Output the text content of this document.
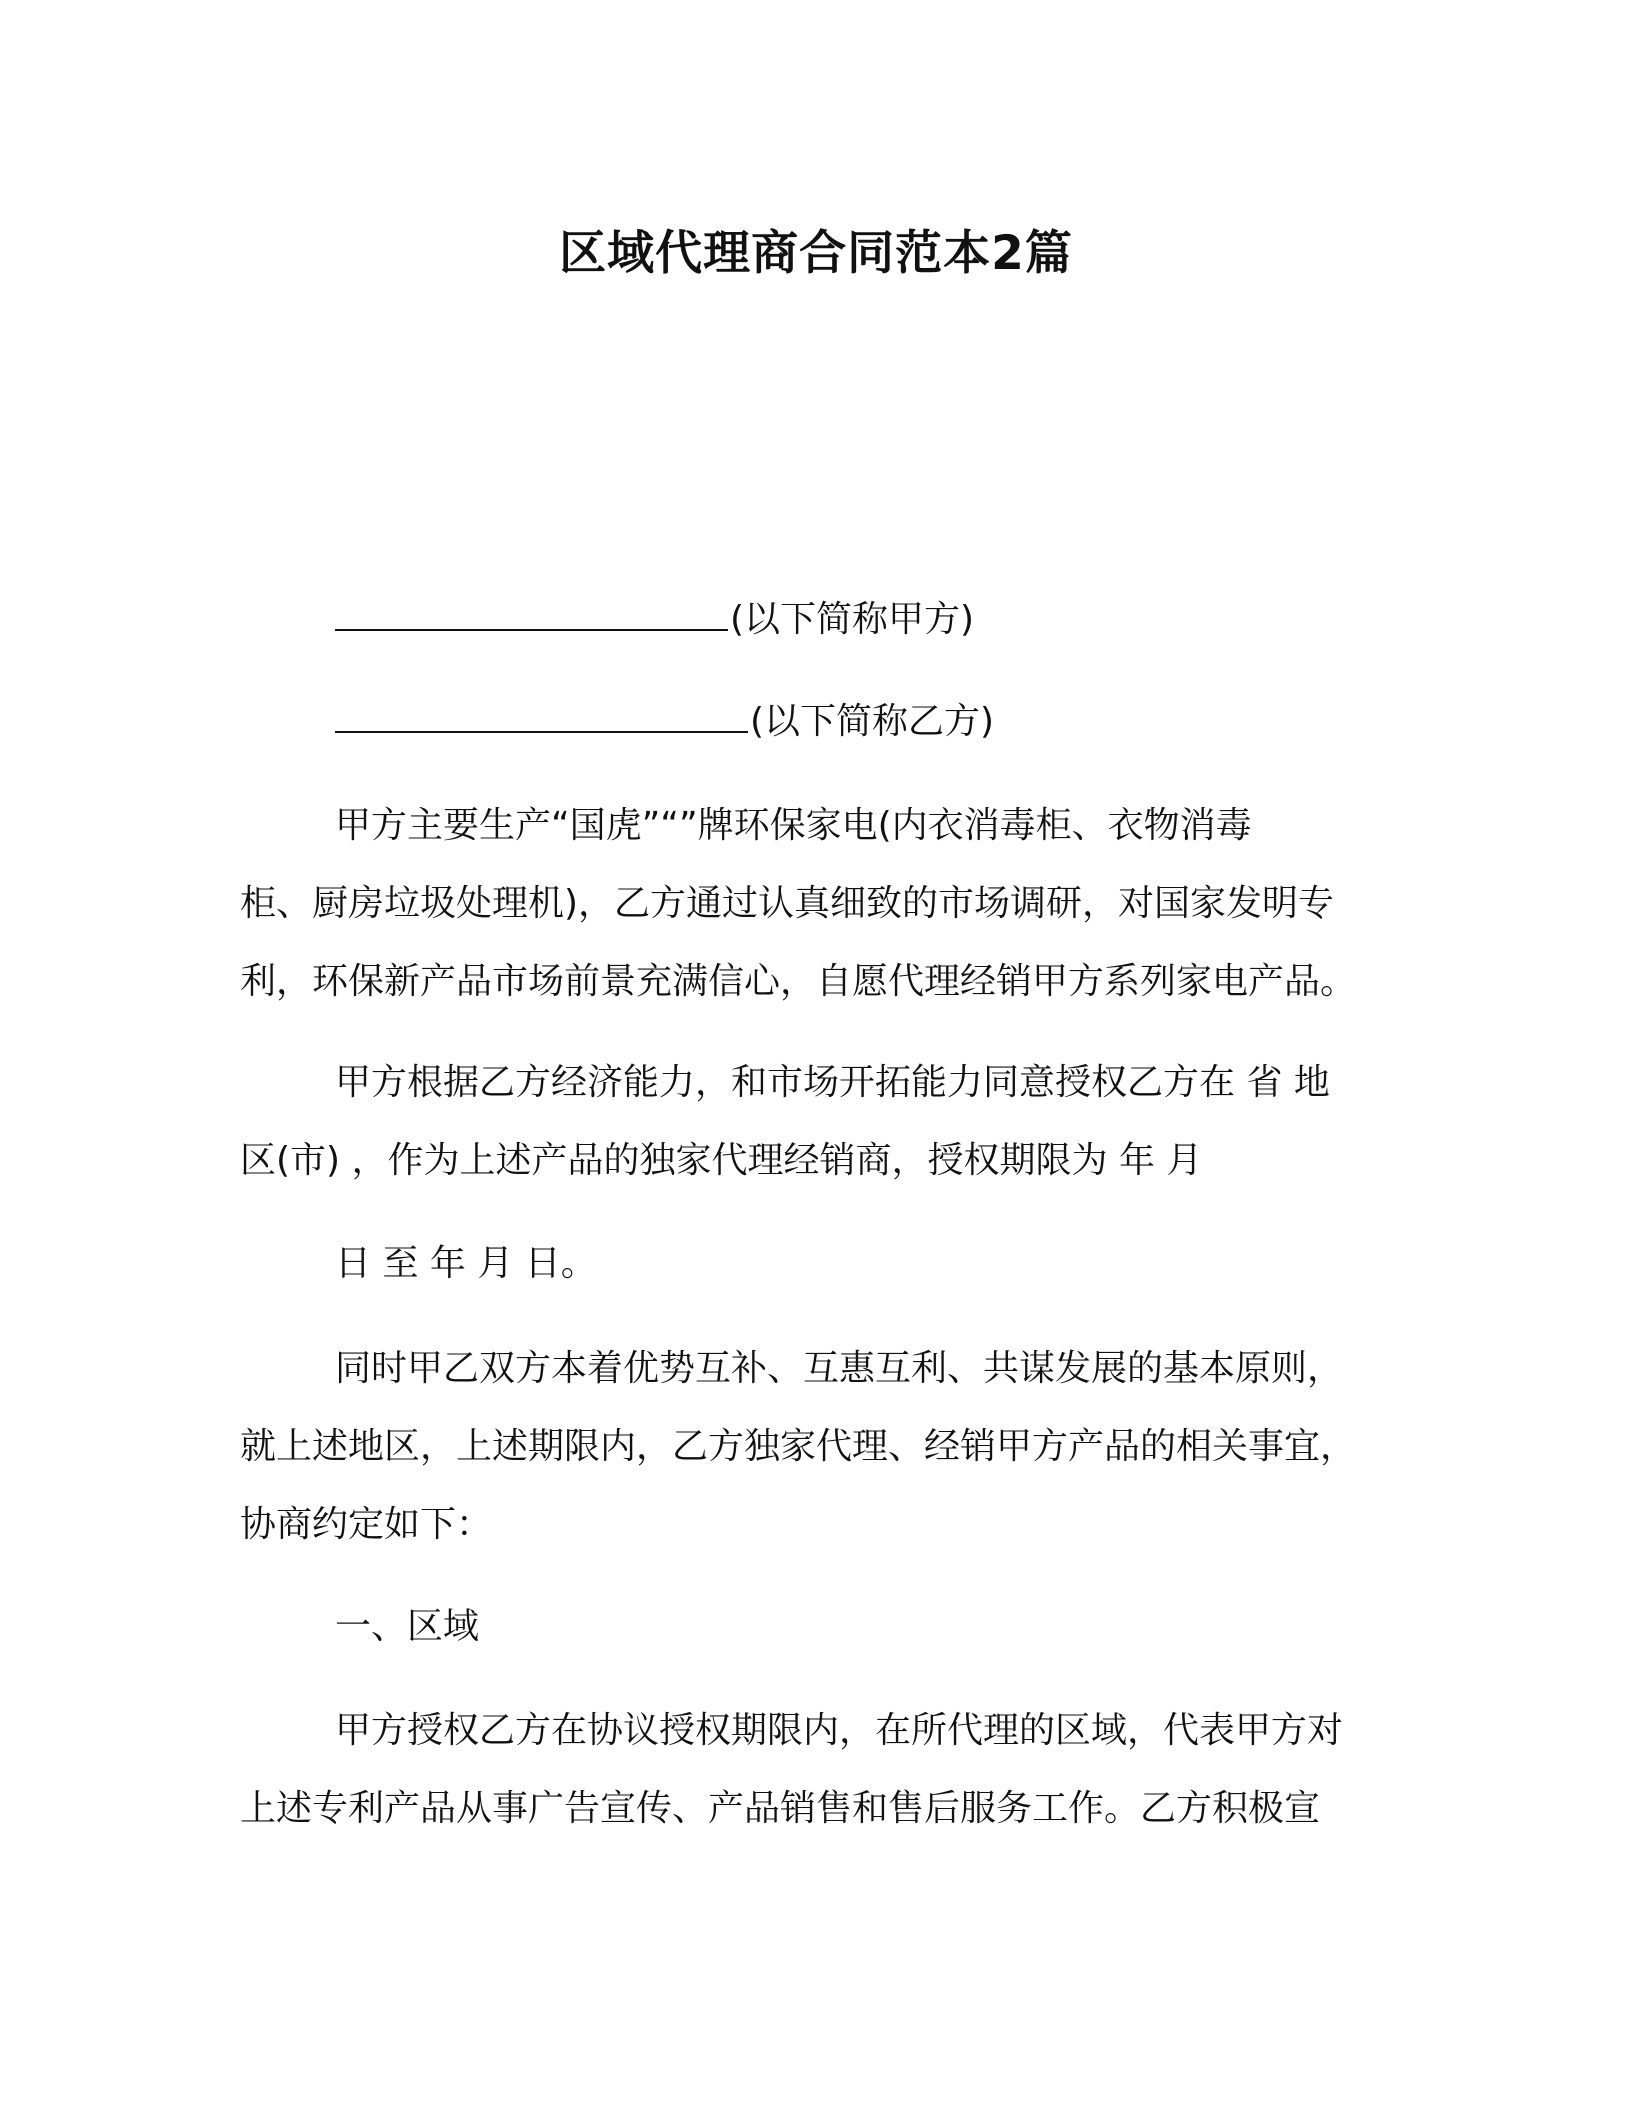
区域代理商合同范本2篇

(以下简称甲方)

(以下简称乙方)

甲方主要生产“国虎”“”牌环保家电(内衣消毒柜、衣物消毒

柜、厨房垃圾处理机)，乙方通过认真细致的市场调研，对国家发明专

利，环保新产品市场前景充满信心，自愿代理经销甲方系列家电产品。

甲方根据乙方经济能力，和市场开拓能力同意授权乙方在 省 地

区(市) ，作为上述产品的独家代理经销商，授权期限为 年 月

日 至 年 月 日。

同时甲乙双方本着优势互补、互惠互利、共谋发展的基本原则，

就上述地区，上述期限内，乙方独家代理、经销甲方产品的相关事宜，

协商约定如下：

一、区域

甲方授权乙方在协议授权期限内，在所代理的区域，代表甲方对

上述专利产品从事广告宣传、产品销售和售后服务工作。乙方积极宣
